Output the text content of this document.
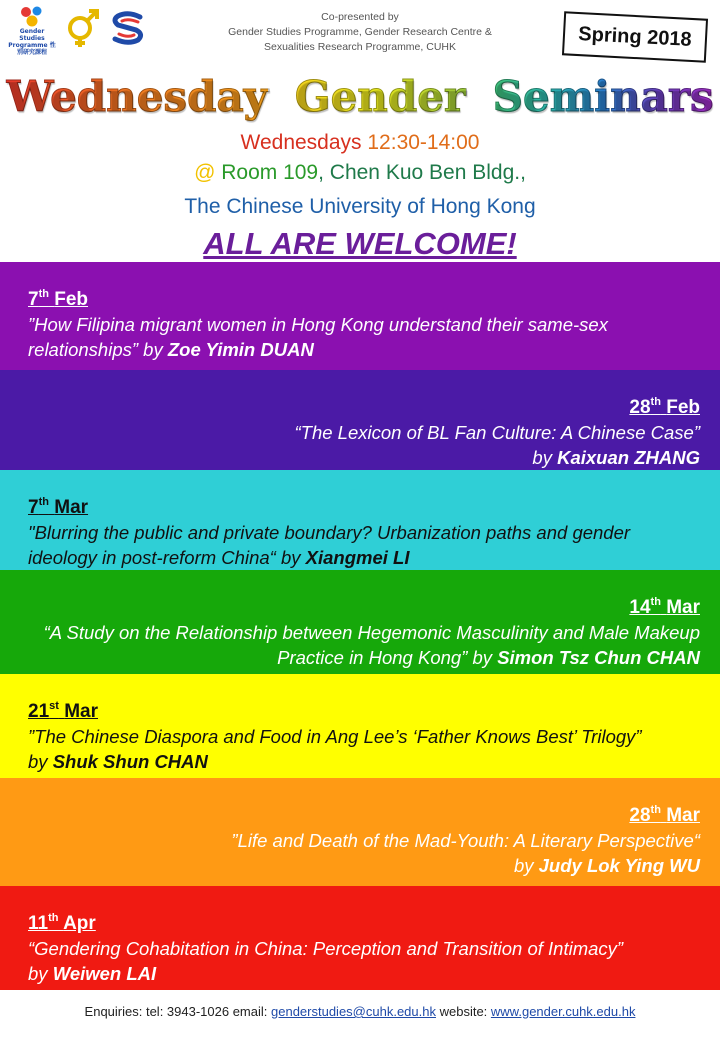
Gender Studies Programme 性別研究課程
Co-presented by
Gender Studies Programme, Gender Research Centre &
Sexualities Research Programme, CUHK	Spring 2018
Wednesday Gender Seminars
Wednesdays 12:30-14:00
@ Room 109, Chen Kuo Ben Bldg.,
The Chinese University of Hong Kong
ALL ARE WELCOME!
7th Feb
”How Filipina migrant women in Hong Kong understand their same-sex relationships” by Zoe Yimin DUAN
28th Feb
“The Lexicon of BL Fan Culture: A Chinese Case”
by Kaixuan ZHANG
7th Mar
"Blurring the public and private boundary? Urbanization paths and gender ideology in post-reform China“ by Xiangmei LI
14th Mar
“A Study on the Relationship between Hegemonic Masculinity and Male Makeup Practice in Hong Kong” by Simon Tsz Chun CHAN
21st Mar
”The Chinese Diaspora and Food in Ang Lee’s ‘Father Knows Best’ Trilogy”
by Shuk Shun CHAN
28th Mar
”Life and Death of the Mad-Youth: A Literary Perspective“
by Judy Lok Ying WU
11th Apr
“Gendering Cohabitation in China: Perception and Transition of Intimacy”
by Weiwen LAI
Enquiries: tel: 3943-1026 email: genderstudies@cuhk.edu.hk website: www.gender.cuhk.edu.hk
